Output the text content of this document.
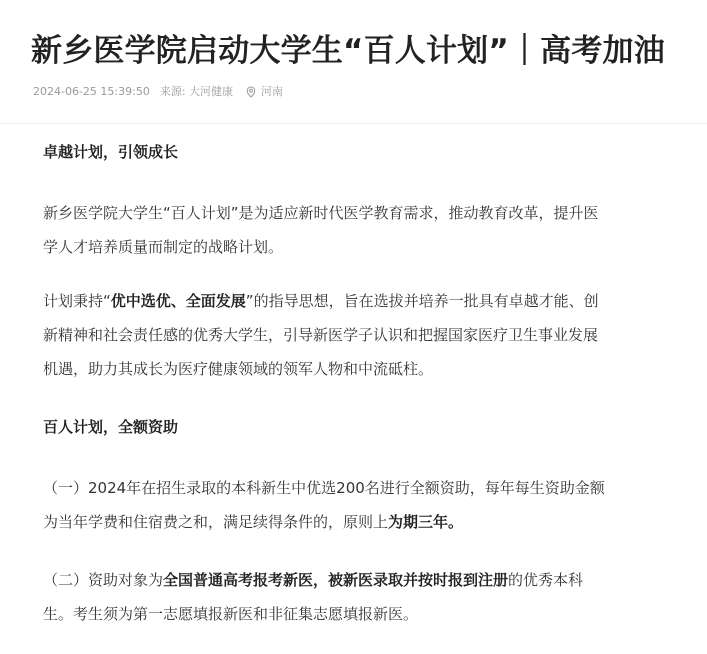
新乡医学院启动大学生“百人计划”｜高考加油
2024-06-25 15:39:50 来源: 大河健康	河南

卓越计划，引领成长

新乡医学院大学生“百人计划”是为适应新时代医学教育需求，推动教育改革，提升医
学人才培养质量而制定的战略计划。

计划秉持“优中选优、全面发展”的指导思想，旨在选拔并培养一批具有卓越才能、创
新精神和社会责任感的优秀大学生，引导新医学子认识和把握国家医疗卫生事业发展
机遇，助力其成长为医疗健康领域的领军人物和中流砥柱。

百人计划，全额资助

（一）2024年在招生录取的本科新生中优选200名进行全额资助，每年每生资助金额
为当年学费和住宿费之和，满足续得条件的，原则上为期三年。

（二）资助对象为全国普通高考报考新医，被新医录取并按时报到注册的优秀本科
生。考生须为第一志愿填报新医和非征集志愿填报新医。
